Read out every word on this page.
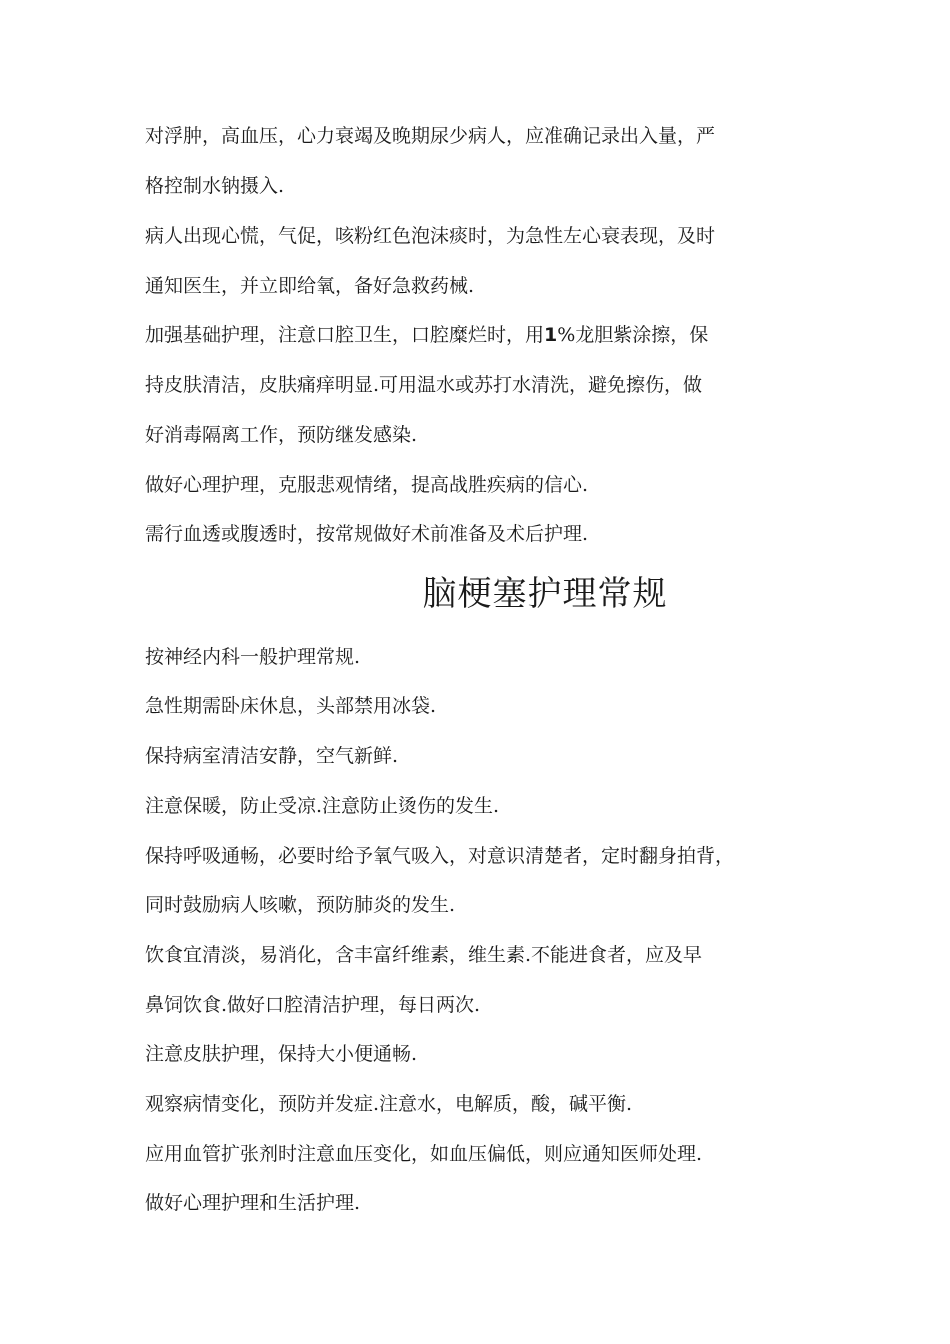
对浮肿，高血压，心力衰竭及晚期尿少病人，应准确记录出入量，严
格控制水钠摄入.
病人出现心慌，气促，咳粉红色泡沫痰时，为急性左心衰表现，及时
通知医生，并立即给氧，备好急救药械.
加强基础护理，注意口腔卫生，口腔糜烂时，用1%龙胆紫涂擦，保
持皮肤清洁，皮肤痛痒明显.可用温水或苏打水清洗，避免擦伤，做
好消毒隔离工作，预防继发感染.
做好心理护理，克服悲观情绪，提高战胜疾病的信心.
需行血透或腹透时，按常规做好术前准备及术后护理.
脑梗塞护理常规
按神经内科一般护理常规.
急性期需卧床休息，头部禁用冰袋.
保持病室清洁安静，空气新鲜.
注意保暖，防止受凉.注意防止烫伤的发生.
保持呼吸通畅，必要时给予氧气吸入，对意识清楚者，定时翻身拍背，
同时鼓励病人咳嗽，预防肺炎的发生.
饮食宜清淡，易消化，含丰富纤维素，维生素.不能进食者，应及早
鼻饲饮食.做好口腔清洁护理，每日两次.
注意皮肤护理，保持大小便通畅.
观察病情变化，预防并发症.注意水，电解质，酸，碱平衡.
应用血管扩张剂时注意血压变化，如血压偏低，则应通知医师处理.
做好心理护理和生活护理.
